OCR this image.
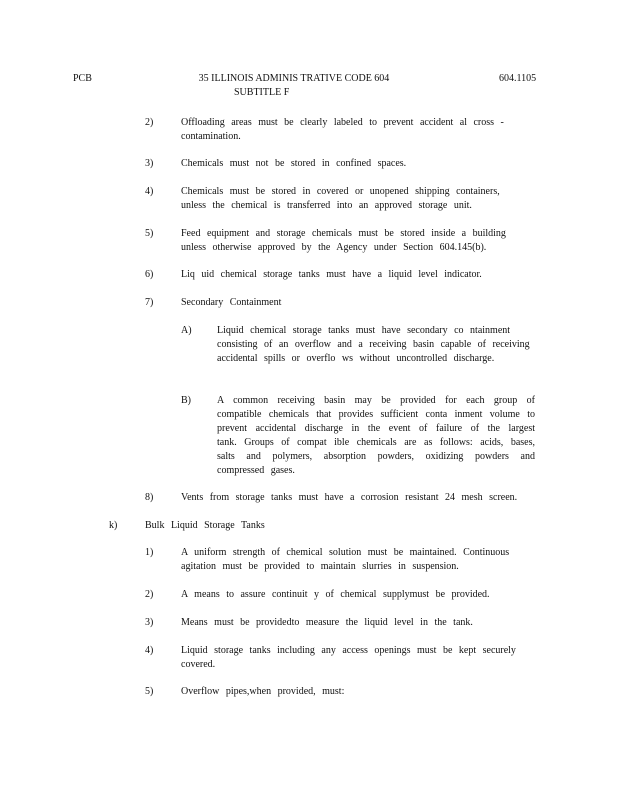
PCB	35 ILLINOIS ADMINIS TRATIVE CODE 604
SUBTITLE F
604.1105
2)	Offloading areas must be clearly labeled to prevent accident al cross -contamination.
3)	Chemicals must not be stored in confined spaces.
4)	Chemicals must be stored in covered or unopened shipping containers, unless the chemical is transferred into an approved storage unit.
5)	Feed equipment and storage chemicals must be stored inside a building unless otherwise approved by the Agency under Section 604.145(b).
6)	Liq uid chemical storage tanks must have a liquid level indicator.
7)	Secondary Containment
A)	Liquid chemical storage tanks must have secondary co ntainment consisting of an overflow and a receiving basin capable of receiving accidental spills or overflo ws without uncontrolled discharge.
B)	A common receiving basin may be provided for each group of compatible chemicals that provides sufficient conta inment volume to prevent accidental discharge in the event of failure of the largest tank. Groups of compat ible chemicals are as follows: acids, bases, salts and polymers, absorption powders, oxidizing powders and compressed gases.
8)	Vents from storage tanks must have a corrosion resistant 24 mesh screen.
k)	Bulk Liquid Storage Tanks
1)	A uniform strength of chemical solution must be maintained. Continuous agitation must be provided to maintain slurries in suspension.
2)	A means to assure continuit y of chemical supplymust be provided.
3)	Means must be providedto measure the liquid level in the tank.
4)	Liquid storage tanks including any access openings must be kept securely covered.
5)	Overflow pipes,when provided, must:
